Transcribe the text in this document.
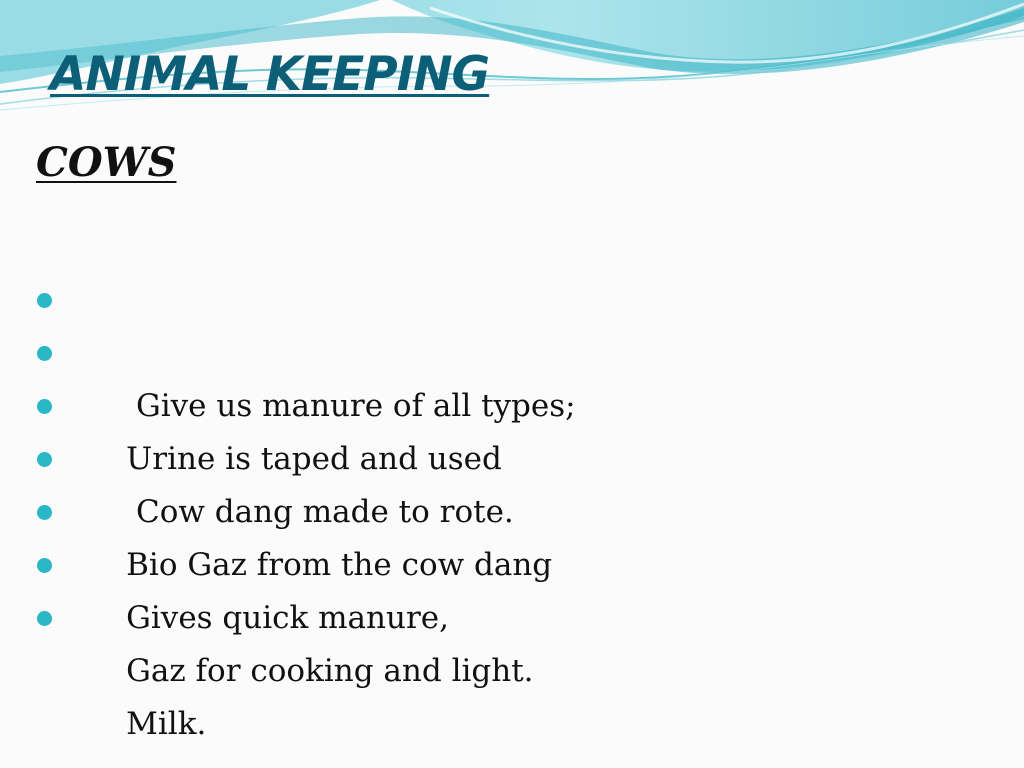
ANIMAL KEEPING
COWS

Give us manure of all types;

Urine is taped and used

Cow dang made to rote.

Bio Gaz from the cow dang

Gives quick manure,

Gaz for cooking and light.

Milk.
